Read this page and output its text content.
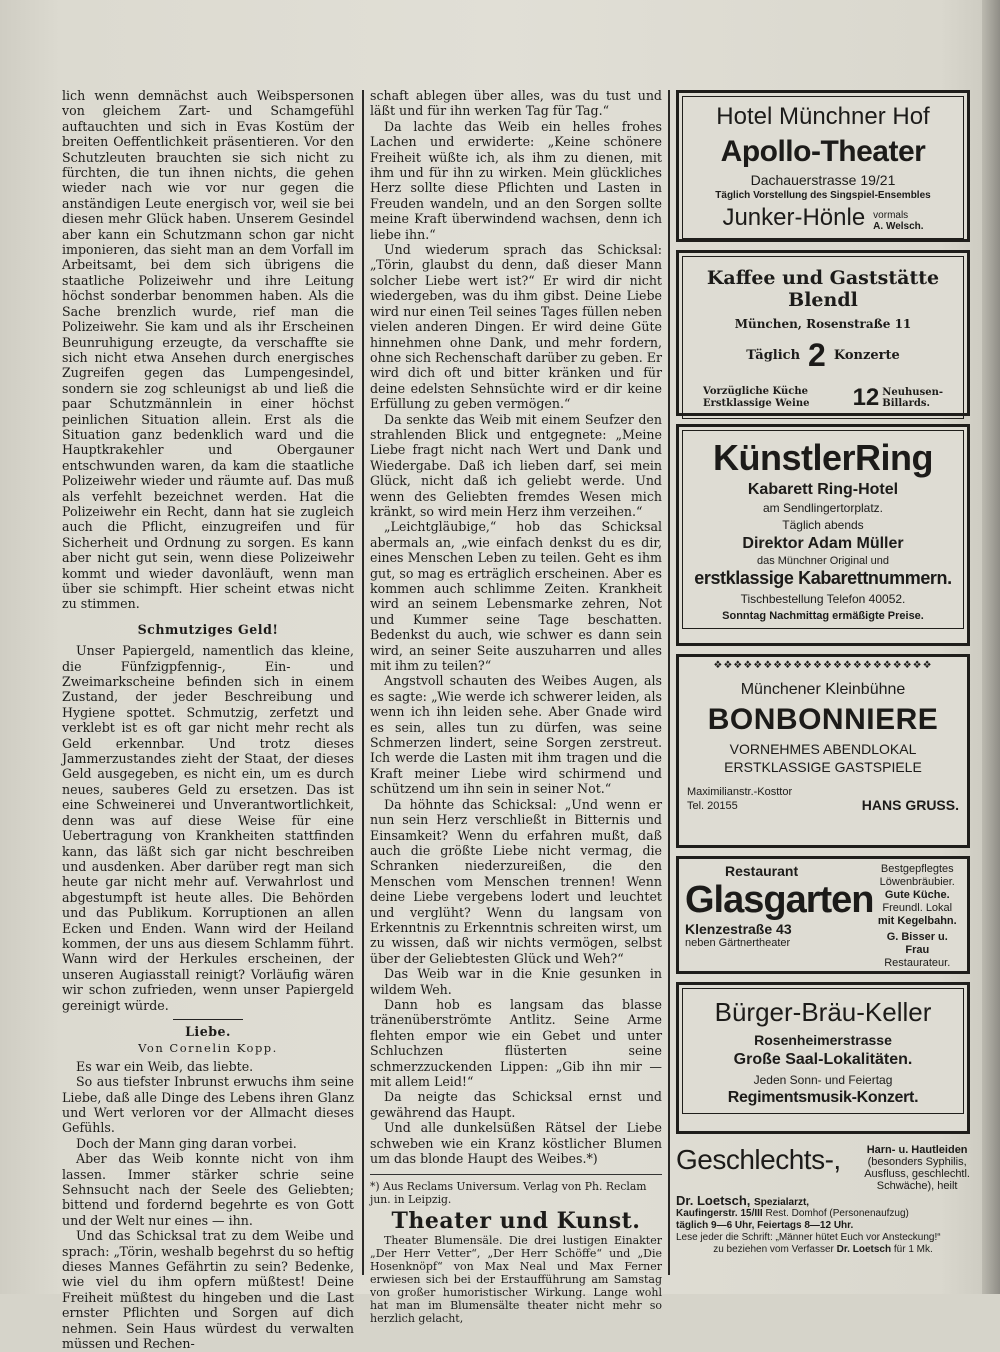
lich wenn demnächst auch Weibspersonen von gleichem Zart- und Schamgefühl auftauchten und sich in Evas Kostüm der breiten Oeffentlichkeit präsentieren. Vor den Schutzleuten brauchten sie sich nicht zu fürchten, die tun ihnen nichts, die gehen wieder nach wie vor nur gegen die anständigen Leute energisch vor, weil sie bei diesen mehr Glück haben. Unserem Gesindel aber kann ein Schutzmann schon gar nicht imponieren, das sieht man an dem Vorfall im Arbeitsamt, bei dem sich übrigens die staatliche Polizeiwehr und ihre Leitung höchst sonderbar benommen haben. Als die Sache brenzlich wurde, rief man die Polizeiwehr. Sie kam und als ihr Erscheinen Beunruhigung erzeugte, da verschaffte sie sich nicht etwa Ansehen durch energisches Zugreifen gegen das Lumpengesindel, sondern sie zog schleunigst ab und ließ die paar Schutzmännlein in einer höchst peinlichen Situation allein. Erst als die Situation ganz bedenklich ward und die Hauptkrakehler und Obergauner entschwunden waren, da kam die staatliche Polizeiwehr wieder und räumte auf. Das muß als verfehlt bezeichnet werden. Hat die Polizeiwehr ein Recht, dann hat sie zugleich auch die Pflicht, einzugreifen und für Sicherheit und Ordnung zu sorgen. Es kann aber nicht gut sein, wenn diese Polizeiwehr kommt und wieder davonläuft, wenn man über sie schimpft. Hier scheint etwas nicht zu stimmen.

Schmutziges Geld!

Unser Papiergeld, namentlich das kleine, die Fünfzigpfennig-, Ein- und Zweimarkscheine befinden sich in einem Zustand, der jeder Beschreibung und Hygiene spottet. Schmutzig, zerfetzt und verklebt ist es oft gar nicht mehr recht als Geld erkennbar. Und trotz dieses Jammerzustandes zieht der Staat, der dieses Geld ausgegeben, es nicht ein, um es durch neues, sauberes Geld zu ersetzen. Das ist eine Schweinerei und Unverantwortlichkeit, denn was auf diese Weise für eine Uebertragung von Krankheiten stattfinden kann, das läßt sich gar nicht beschreiben und ausdenken. Aber darüber regt man sich heute gar nicht mehr auf. Verwahrlost und abgestumpft ist heute alles. Die Behörden und das Publikum. Korruptionen an allen Ecken und Enden. Wann wird der Heiland kommen, der uns aus diesem Schlamm führt. Wann wird der Herkules erscheinen, der unseren Augiasstall reinigt? Vorläufig wären wir schon zufrieden, wenn unser Papiergeld gereinigt würde.

Liebe.
Von Cornelin Kopp.

Es war ein Weib, das liebte.

So aus tiefster Inbrunst erwuchs ihm seine Liebe, daß alle Dinge des Lebens ihren Glanz und Wert verloren vor der Allmacht dieses Gefühls.

Doch der Mann ging daran vorbei.

Aber das Weib konnte nicht von ihm lassen. Immer stärker schrie seine Sehnsucht nach der Seele des Geliebten; bittend und fordernd begehrte es von Gott und der Welt nur eines — ihn.

Und das Schicksal trat zu dem Weibe und sprach: „Törin, weshalb begehrst du so heftig dieses Mannes Gefährtin zu sein? Bedenke, wie viel du ihm opfern müßtest! Deine Freiheit müßtest du hingeben und die Last ernster Pflichten und Sorgen auf dich nehmen. Sein Haus würdest du verwalten müssen und Rechen-

schaft ablegen über alles, was du tust und läßt und für ihn werken Tag für Tag.“

Da lachte das Weib ein helles frohes Lachen und erwiderte: „Keine schönere Freiheit wüßte ich, als ihm zu dienen, mit ihm und für ihn zu wirken. Mein glückliches Herz sollte diese Pflichten und Lasten in Freuden wandeln, und an den Sorgen sollte meine Kraft überwindend wachsen, denn ich liebe ihn.“

Und wiederum sprach das Schicksal: „Törin, glaubst du denn, daß dieser Mann solcher Liebe wert ist?“ Er wird dir nicht wiedergeben, was du ihm gibst. Deine Liebe wird nur einen Teil seines Tages füllen neben vielen anderen Dingen. Er wird deine Güte hinnehmen ohne Dank, und mehr fordern, ohne sich Rechenschaft darüber zu geben. Er wird dich oft und bitter kränken und für deine edelsten Sehnsüchte wird er dir keine Erfüllung zu geben vermögen.“

Da senkte das Weib mit einem Seufzer den strahlenden Blick und entgegnete: „Meine Liebe fragt nicht nach Wert und Dank und Wiedergabe. Daß ich lieben darf, sei mein Glück, nicht daß ich geliebt werde. Und wenn des Geliebten fremdes Wesen mich kränkt, so wird mein Herz ihm verzeihen.“

„Leichtgläubige,“ hob das Schicksal abermals an, „wie einfach denkst du es dir, eines Menschen Leben zu teilen. Geht es ihm gut, so mag es erträglich erscheinen. Aber es kommen auch schlimme Zeiten. Krankheit wird an seinem Lebensmarke zehren, Not und Kummer seine Tage beschatten. Bedenkst du auch, wie schwer es dann sein wird, an seiner Seite auszuharren und alles mit ihm zu teilen?“

Angstvoll schauten des Weibes Augen, als es sagte: „Wie werde ich schwerer leiden, als wenn ich ihn leiden sehe. Aber Gnade wird es sein, alles tun zu dürfen, was seine Schmerzen lindert, seine Sorgen zerstreut. Ich werde die Lasten mit ihm tragen und die Kraft meiner Liebe wird schirmend und schützend um ihn sein in seiner Not.“

Da höhnte das Schicksal: „Und wenn er nun sein Herz verschließt in Bitternis und Einsamkeit? Wenn du erfahren mußt, daß auch die größte Liebe nicht vermag, die Schranken niederzureißen, die den Menschen vom Menschen trennen! Wenn deine Liebe vergebens lodert und leuchtet und verglüht? Wenn du langsam von Erkenntnis zu Erkenntnis schreiten wirst, um zu wissen, daß wir nichts vermögen, selbst über der Geliebtesten Glück und Weh?“

Das Weib war in die Knie gesunken in wildem Weh.

Dann hob es langsam das blasse tränenüberströmte Antlitz. Seine Arme flehten empor wie ein Gebet und unter Schluchzen flüsterten seine schmerzzuckenden Lippen: „Gib ihn mir — mit allem Leid!“

Da neigte das Schicksal ernst und gewährend das Haupt.

Und alle dunkelsüßen Rätsel der Liebe schweben wie ein Kranz köstlicher Blumen um das blonde Haupt des Weibes.*)

*) Aus Reclams Universum. Verlag von Ph. Reclam jun. in Leipzig.
Theater und Kunst.

Theater Blumensäle. Die drei lustigen Einakter „Der Herr Vetter“, „Der Herr Schöffe“ und „Die Hosenknöpf“ von Max Neal und Max Ferner erwiesen sich bei der Erstaufführung am Samstag von großer humoristischer Wirkung. Lange wohl hat man im Blumensälte theater nicht mehr so herzlich gelacht,

Hotel Münchner Hof
Apollo-Theater
Dachauerstrasse 19/21
Täglich Vorstellung des Singspiel-Ensembles
Junker-Hönle vormals
A. Welsch.
Kaffee und Gaststätte Blendl
München, Rosenstraße 11
Täglich 2 Konzerte
Vorzügliche Küche
Erstklassige Weine 12 Neuhusen-
Billards.
KünstlerRing
Kabarett Ring-Hotel
am Sendlingertorplatz.
Täglich abends
Direktor Adam Müller
das Münchner Original und
erstklassige Kabarettnummern.
Tischbestellung Telefon 40052.
Sonntag Nachmittag ermäßigte Preise.
❖❖❖❖❖❖❖❖❖❖❖❖❖❖❖❖❖❖❖❖❖❖
Münchener Kleinbühne
BONBONNIERE
VORNEHMES ABENDLOKAL
ERSTKLASSIGE GASTSPIELE
Maximilianstr.-Kosttor
Tel. 20155	HANS GRUSS.
Restaurant
Glasgarten
Klenzestraße 43
neben Gärtnertheater
Bestgepflegtes
Löwenbräubier.
Gute Küche.
Freundl. Lokal
mit Kegelbahn.
G. Bisser u. Frau
Restaurateur.
Bürger-Bräu-Keller
Rosenheimerstrasse
Große Saal-Lokalitäten.
Jeden Sonn- und Feiertag
Regimentsmusik-Konzert.
Geschlechts-, Harn- u. Hautleiden
(besonders Syphilis,
Ausfluss, geschlechtl.
Schwäche), heilt
Dr. Loetsch, Spezialarzt,
Kaufingerstr. 15/III Rest. Domhof (Personenaufzug)
täglich 9—6 Uhr, Feiertags 8—12 Uhr.
Lese jeder die Schrift: „Männer hütet Euch vor Ansteckung!“
zu beziehen vom Verfasser Dr. Loetsch für 1 Mk.
